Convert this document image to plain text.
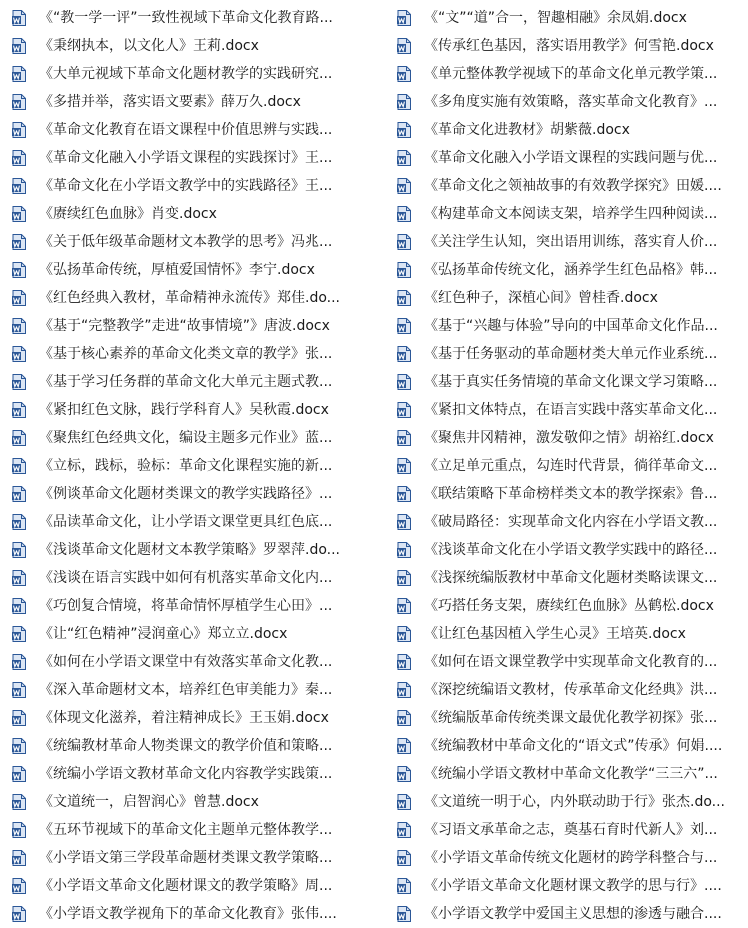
《“教一学一评”一致性视域下革命文化教育路...
《秉纲执本，以文化人》王莉.docx
《大单元视域下革命文化题材教学的实践研究...
《多措并举，落实语文要素》薛万久.docx
《革命文化教育在语文课程中价值思辨与实践...
《革命文化融入小学语文课程的实践探讨》王...
《革命文化在小学语文教学中的实践路径》王...
《赓续红色血脉》肖变.docx
《关于低年级革命题材文本教学的思考》冯兆...
《弘扬革命传统，厚植爱国情怀》李宁.docx
《红色经典入教材，革命精神永流传》郑佳.do...
《基于“完整教学”走进“故事情境”》唐波.docx
《基于核心素养的革命文化类文章的教学》张...
《基于学习任务群的革命文化大单元主题式教...
《紧扣红色文脉，践行学科育人》吴秋霞.docx
《聚焦红色经典文化，编设主题多元作业》蓝...
《立标，践标，验标：革命文化课程实施的新...
《例谈革命文化题材类课文的教学实践路径》...
《品读革命文化，让小学语文课堂更具红色底...
《浅谈革命文化题材文本教学策略》罗翠萍.do...
《浅谈在语言实践中如何有机落实革命文化内...
《巧创复合情境，将革命情怀厚植学生心田》...
《让“红色精神”浸润童心》郑立立.docx
《如何在小学语文课堂中有效落实革命文化教...
《深入革命题材文本，培养红色审美能力》秦...
《体现文化滋养，着注精神成长》王玉娟.docx
《统编教材革命人物类课文的教学价值和策略...
《统编小学语文教材革命文化内容教学实践策...
《文道统一，启智润心》曾慧.docx
《五环节视域下的革命文化主题单元整体教学...
《小学语文第三学段革命题材类课文教学策略...
《小学语文革命文化题材课文的教学策略》周...
《小学语文教学视角下的革命文化教育》张伟....
《“文”“道”合一，智趣相融》余凤娟.docx
《传承红色基因，落实语用教学》何雪艳.docx
《单元整体教学视域下的革命文化单元教学策...
《多角度实施有效策略，落实革命文化教育》...
《革命文化进教材》胡紫薇.docx
《革命文化融入小学语文课程的实践问题与优...
《革命文化之领袖故事的有效教学探究》田媛....
《构建革命文本阅读支架，培养学生四种阅读...
《关注学生认知，突出语用训练，落实育人价...
《弘扬革命传统文化，涵养学生红色品格》韩...
《红色种子，深植心间》曾桂香.docx
《基于“兴趣与体验”导向的中国革命文化作品...
《基于任务驱动的革命题材类大单元作业系统...
《基于真实任务情境的革命文化课文学习策略...
《紧扣文体特点，在语言实践中落实革命文化...
《聚焦井冈精神，激发敬仰之情》胡裕红.docx
《立足单元重点，勾连时代背景，徜徉革命文...
《联结策略下革命榜样类文本的教学探索》鲁...
《破局路径：实现革命文化内容在小学语文教...
《浅谈革命文化在小学语文教学实践中的路径...
《浅探统编版教材中革命文化题材类略读课文...
《巧搭任务支架，赓续红色血脉》丛鹤松.docx
《让红色基因植入学生心灵》王培英.docx
《如何在语文课堂教学中实现革命文化教育的...
《深挖统编语文教材，传承革命文化经典》洪...
《统编版革命传统类课文最优化教学初探》张...
《统编教材中革命文化的“语文式”传承》何娟....
《统编小学语文教材中革命文化教学“三三六”...
《文道统一明于心，内外联动助于行》张杰.do...
《习语文承革命之志，奠基石育时代新人》刘...
《小学语文革命传统文化题材的跨学科整合与...
《小学语文革命文化题材课文教学的思与行》....
《小学语文教学中爱国主义思想的渗透与融合....
